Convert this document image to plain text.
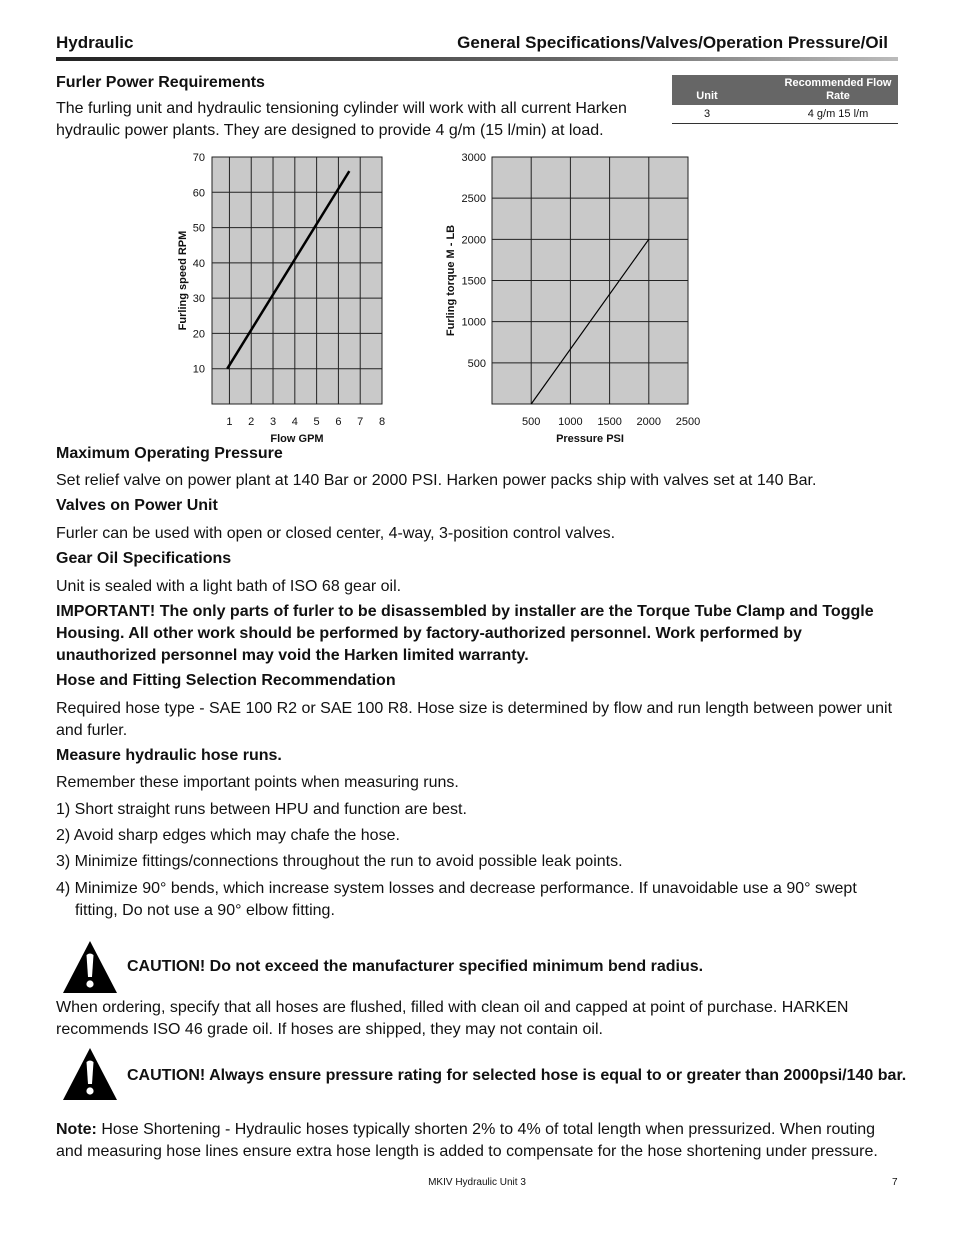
Hydraulic	General Specifications/Valves/Operation Pressure/Oil
Furler Power Requirements
The furling unit and hydraulic tensioning cylinder will work with all current Harken hydraulic power plants. They are designed to provide 4 g/m (15 l/min) at load.
Unit	Recommended Flow Rate
3	4 g/m 15 l/m
1 2 3 4 5 6 7 8
10
20
30
40
50
60
70
Flow GPM
Furling speed RPM
500 1000 1500 2000 2500
500
1000
1500
2000
2500
3000
Pressure PSI
Furling torque M - LB
Maximum Operating Pressure
Set relief valve on power plant at 140 Bar or 2000 PSI. Harken power packs ship with valves set at 140 Bar.
Valves on Power Unit
Furler can be used with open or closed center, 4-way, 3-position control valves.
Gear Oil Specifications
Unit is sealed with a light bath of ISO 68 gear oil.
IMPORTANT! The only parts of furler to be disassembled by installer are the Torque Tube Clamp and Toggle Housing. All other work should be performed by factory-authorized personnel. Work performed by unauthorized personnel may void the Harken limited warranty.
Hose and Fitting Selection Recommendation
Required hose type - SAE 100 R2 or SAE 100 R8. Hose size is determined by flow and run length between power unit and furler.
Measure hydraulic hose runs.
Remember these important points when measuring runs.
1) Short straight runs between HPU and function are best.
2) Avoid sharp edges which may chafe the hose.
3) Minimize fittings/connections throughout the run to avoid possible leak points.
4) Minimize 90° bends, which increase system losses and decrease performance. If unavoidable use a 90° swept fitting, Do not use a 90° elbow fitting.
CAUTION! Do not exceed the manufacturer specified minimum bend radius.
When ordering, specify that all hoses are flushed, filled with clean oil and capped at point of purchase. HARKEN recommends ISO 46 grade oil. If hoses are shipped, they may not contain oil.
CAUTION! Always ensure pressure rating for selected hose is equal to or greater than 2000psi/140 bar.
Note: Hose Shortening - Hydraulic hoses typically shorten 2% to 4% of total length when pressurized. When routing and measuring hose lines ensure extra hose length is added to compensate for the hose shortening under pressure.
MKIV Hydraulic Unit 3	7
